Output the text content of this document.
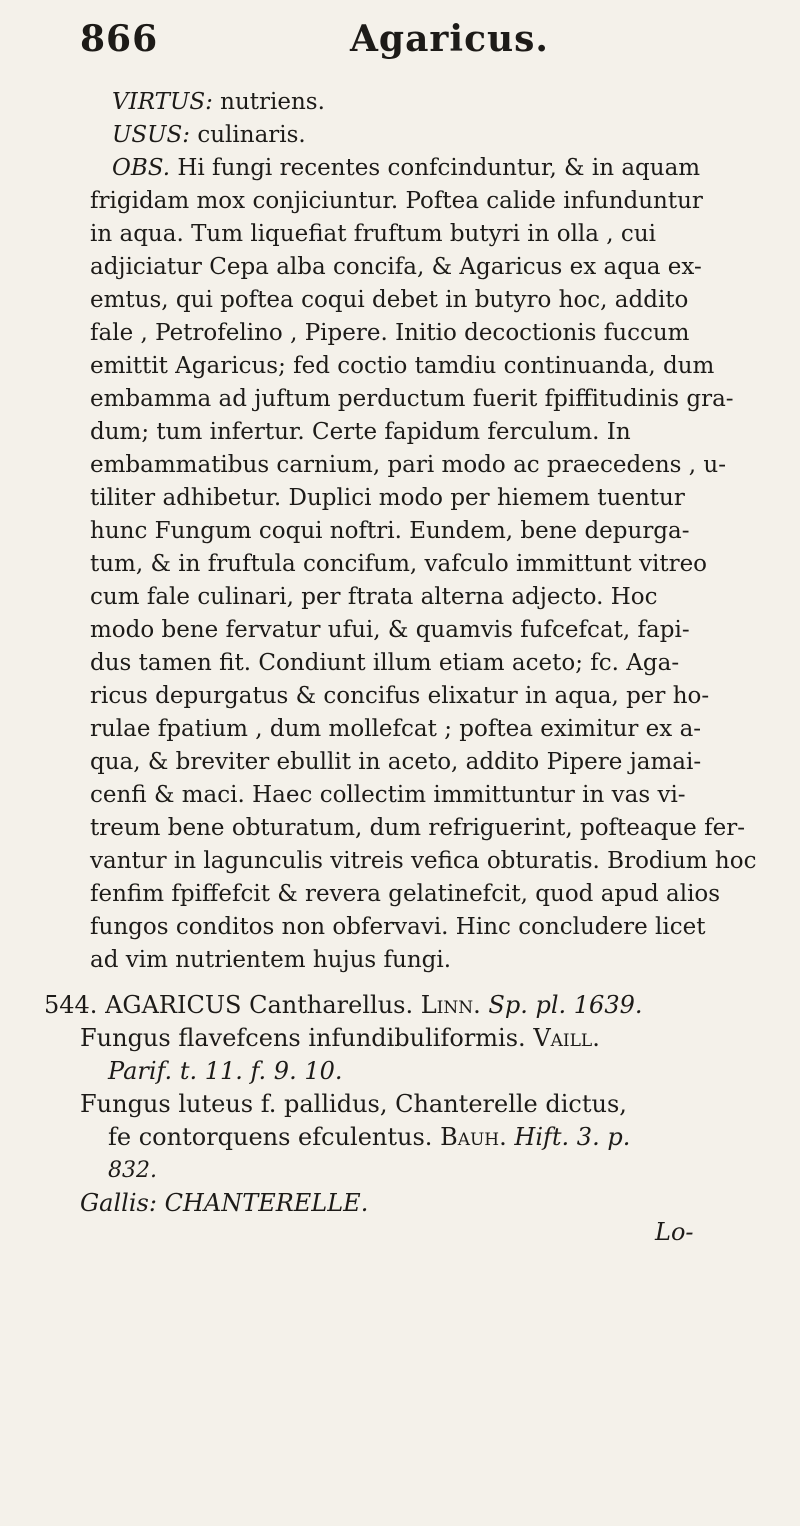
866	Agaricus.

VIRTUS: nutriens.

USUS: culinaris.

OBS. Hi fungi recentes confcinduntur, & in aquam

frigidam mox conjiciuntur. Poftea calide infunduntur

in aqua. Tum liquefiat fruftum butyri in olla , cui

adjiciatur Cepa alba concifa, & Agaricus ex aqua ex-

emtus, qui poftea coqui debet in butyro hoc, addito

fale , Petrofelino , Pipere. Initio decoctionis fuccum

emittit Agaricus; fed coctio tamdiu continuanda, dum

embamma ad juftum perductum fuerit fpiffitudinis gra-

dum; tum infertur. Certe fapidum ferculum. In

embammatibus carnium, pari modo ac praecedens , u-

tiliter adhibetur. Duplici modo per hiemem tuentur

hunc Fungum coqui noftri. Eundem, bene depurga-

tum, & in fruftula concifum, vafculo immittunt vitreo

cum fale culinari, per ftrata alterna adjecto. Hoc

modo bene fervatur ufui, & quamvis fufcefcat, fapi-

dus tamen fit. Condiunt illum etiam aceto; fc. Aga-

ricus depurgatus & concifus elixatur in aqua, per ho-

rulae fpatium , dum mollefcat ; poftea eximitur ex a-

qua, & breviter ebullit in aceto, addito Pipere jamai-

cenfi & maci. Haec collectim immittuntur in vas vi-

treum bene obturatum, dum refriguerint, pofteaque fer-

vantur in lagunculis vitreis vefica obturatis. Brodium hoc

fenfim fpiffefcit & revera gelatinefcit, quod apud alios

fungos conditos non obfervavi. Hinc concludere licet

ad vim nutrientem hujus fungi.

544. AGARICUS Cantharellus. Linn. Sp. pl. 1639.

Fungus flavefcens infundibuliformis. Vaill.

Parif. t. 11. f. 9. 10.

Fungus luteus f. pallidus, Chanterelle dictus,

fe contorquens efculentus. Bauh. Hift. 3. p.

832.

Gallis: CHANTERELLE.

Lo-
